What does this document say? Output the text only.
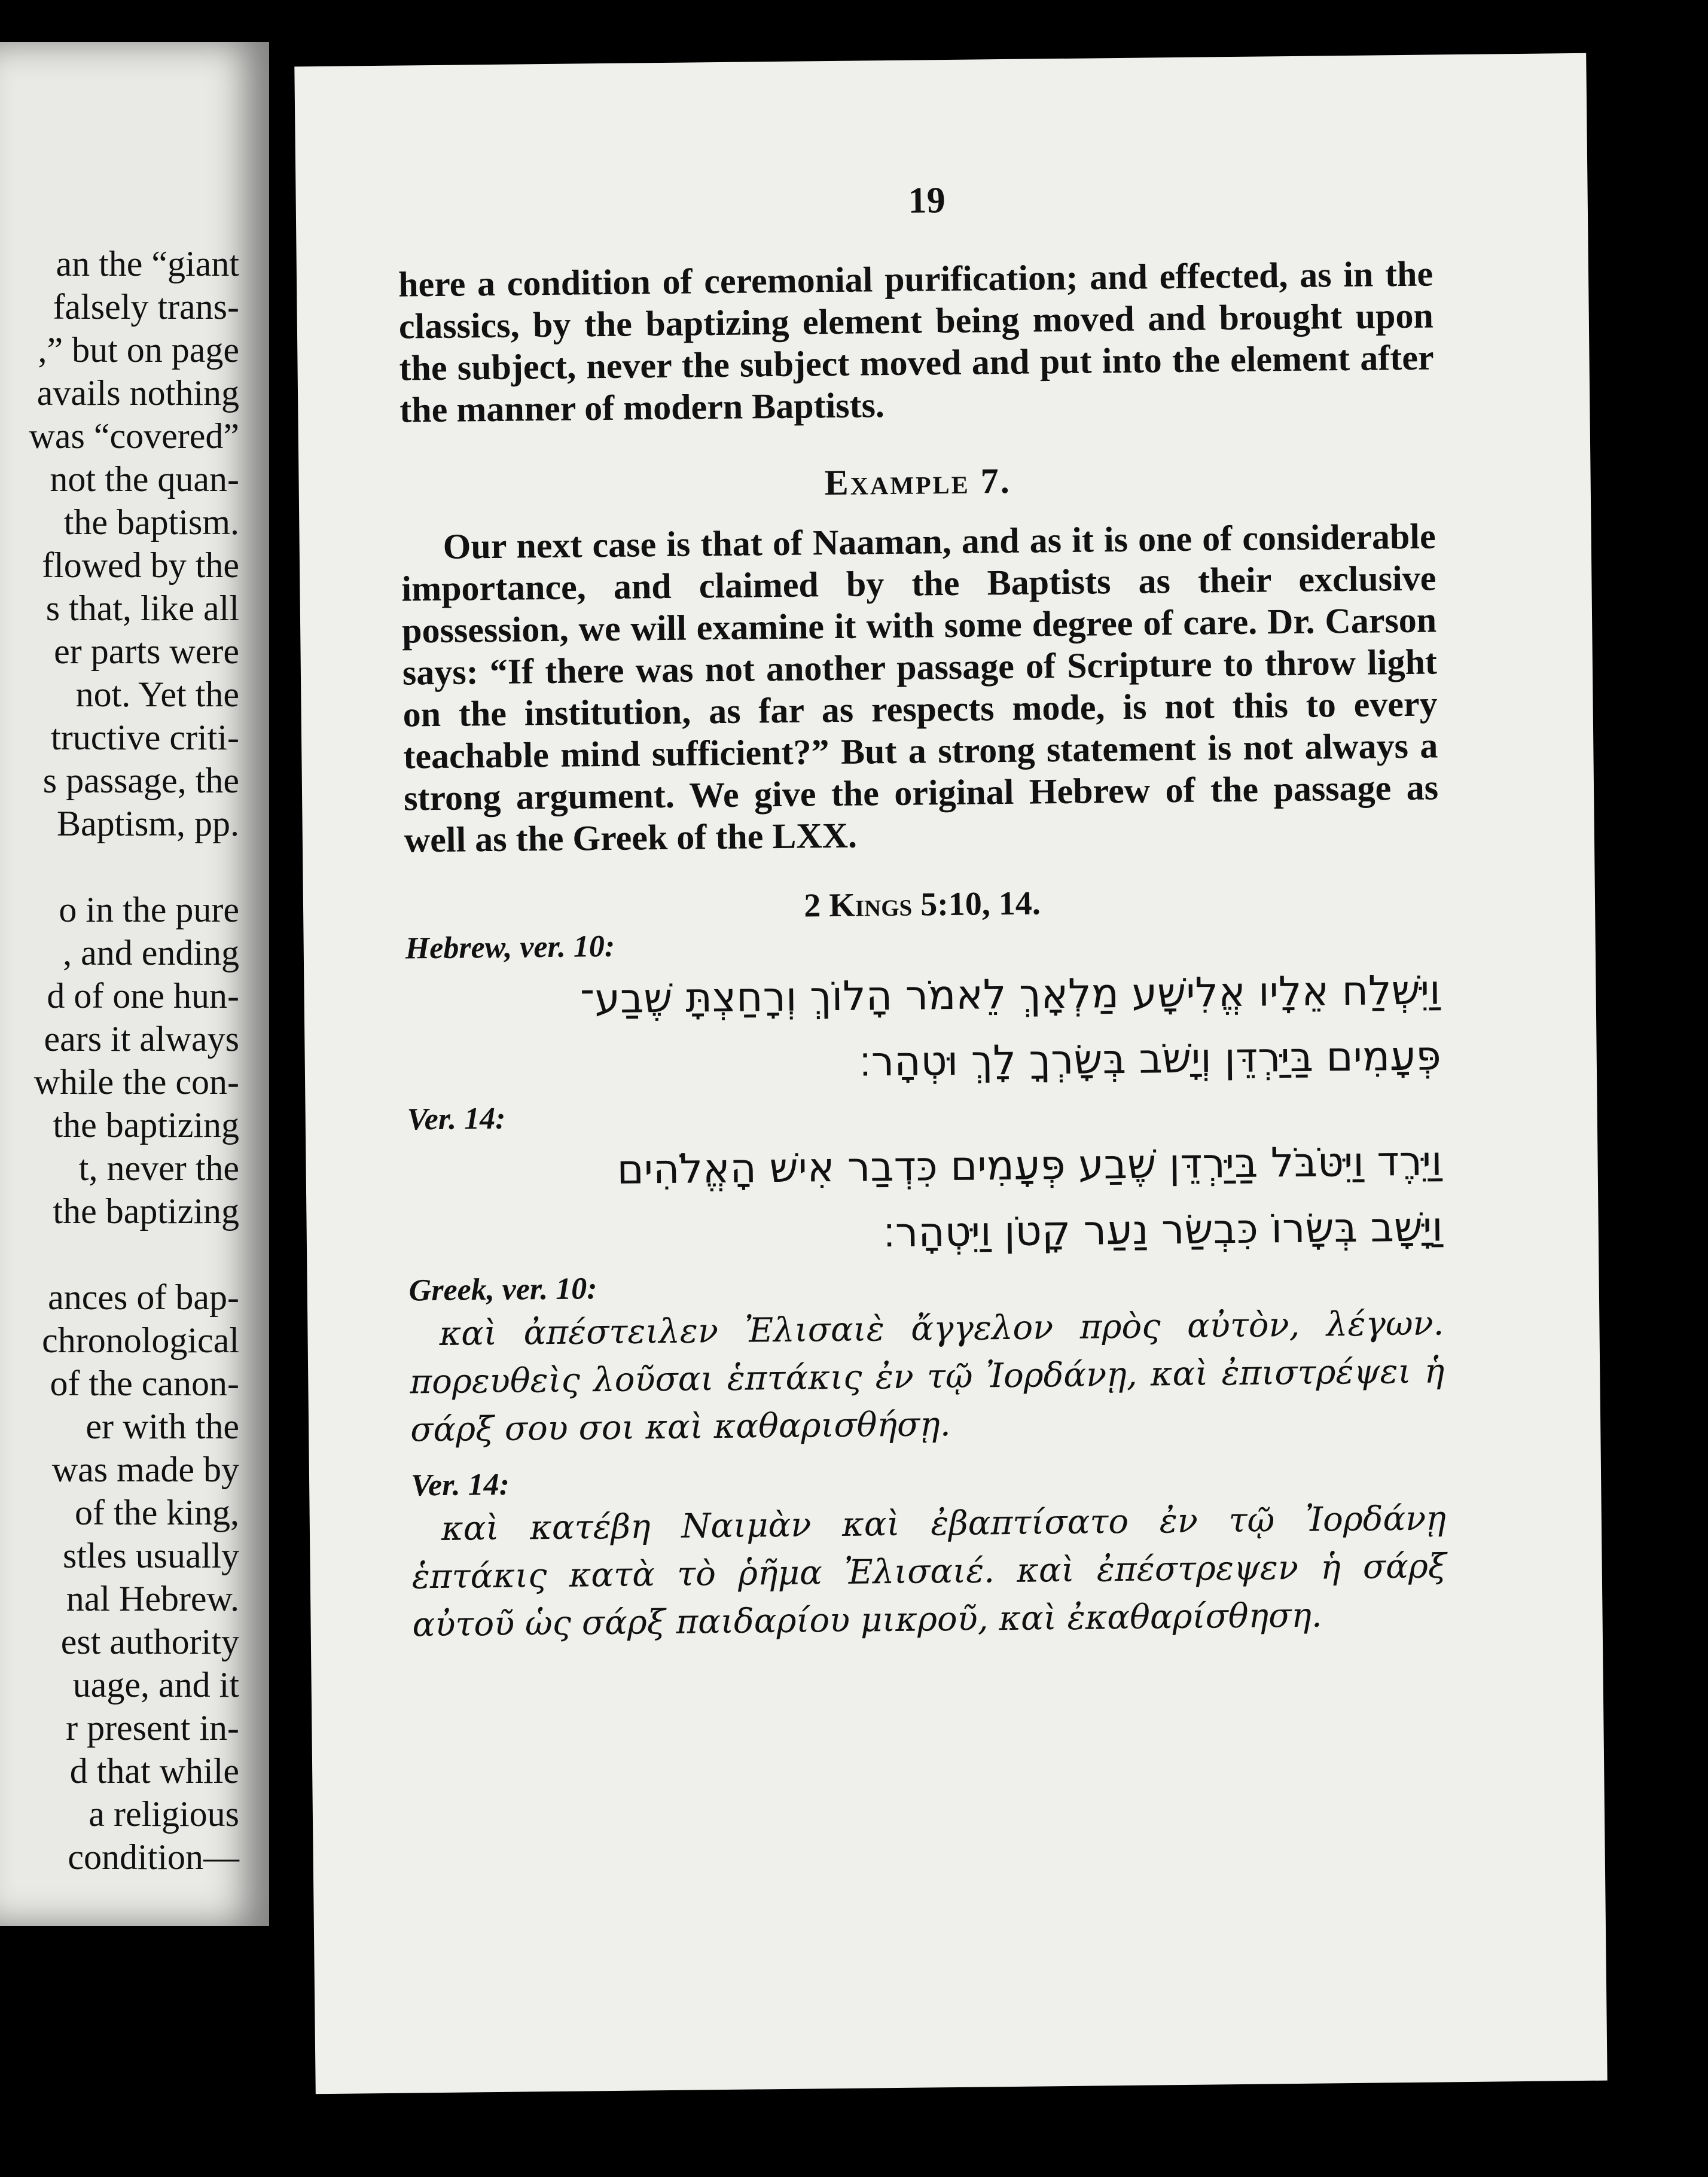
an the “giant
falsely trans-
,” but on page
avails nothing
was “covered”
not the quan-
the baptism.
flowed by the
s that, like all
er parts were
not. Yet the
tructive criti-
s passage, the
Baptism, pp.
o in the pure
, and ending
d of one hun-
ears it always
while the con-
the baptizing
t, never the
the baptizing
ances of bap-
chronological
of the canon-
er with the
was made by
of the king,
stles usually
nal Hebrew.
est authority
uage, and it
r present in-
d that while
a religious
condition—
19

here a condition of ceremonial purification; and effected, as in the classics, by the baptizing element being moved and brought upon the subject, never the subject moved and put into the element after the manner of modern Baptists.

Example 7.

Our next case is that of Naaman, and as it is one of considerable importance, and claimed by the Baptists as their exclusive possession, we will examine it with some degree of care. Dr. Carson says: “If there was not another passage of Scripture to throw light on the institution, as far as respects mode, is not this to every teachable mind sufficient?” But a strong statement is not always a strong argument. We give the original Hebrew of the passage as well as the Greek of the LXX.

2 Kings 5:10, 14.

Hebrew, ver. 10:

וַיִּשְׁלַח אֵלָיו אֱלִישָׁע מַלְאָךְ לֵאמֹר הָלוֹךְ וְרָחַצְתָּ שֶׁבַע־

פְּעָמִים בַּיַּרְדֵּן וְיָשֹׁב בְּשָׂרְךָ לָךְ וּטְהָר׃

Ver. 14:

וַיֵּרֶד וַיִּטֹּבֹּל בַּיַּרְדֵּן שֶׁבַע פְּעָמִים כִּדְבַר אִישׁ הָאֱלֹהִים

וַיָּשָׁב בְּשָׂרוֹ כִּבְשַׂר נַעַר קָטֹן וַיִּטְהָר׃

Greek, ver. 10:

καὶ ἀπέστειλεν Ἐλισαιὲ ἄγγελον πρὸς αὐτὸν, λέγων. πορευθεὶς λοῦσαι ἑπτάκις ἐν τῷ Ἰορδάνῃ, καὶ ἐπιστρέψει ἡ σάρξ σου σοι καὶ καθαρισθήσῃ.

Ver. 14:

καὶ κατέβη Ναιμὰν καὶ ἐβαπτίσατο ἐν τῷ Ἰορδάνῃ ἑπτάκις κατὰ τὸ ῥῆμα Ἐλισαιέ. καὶ ἐπέστρεψεν ἡ σάρξ αὐτοῦ ὡς σάρξ παιδαρίου μικροῦ, καὶ ἐκαθαρίσθηση.
